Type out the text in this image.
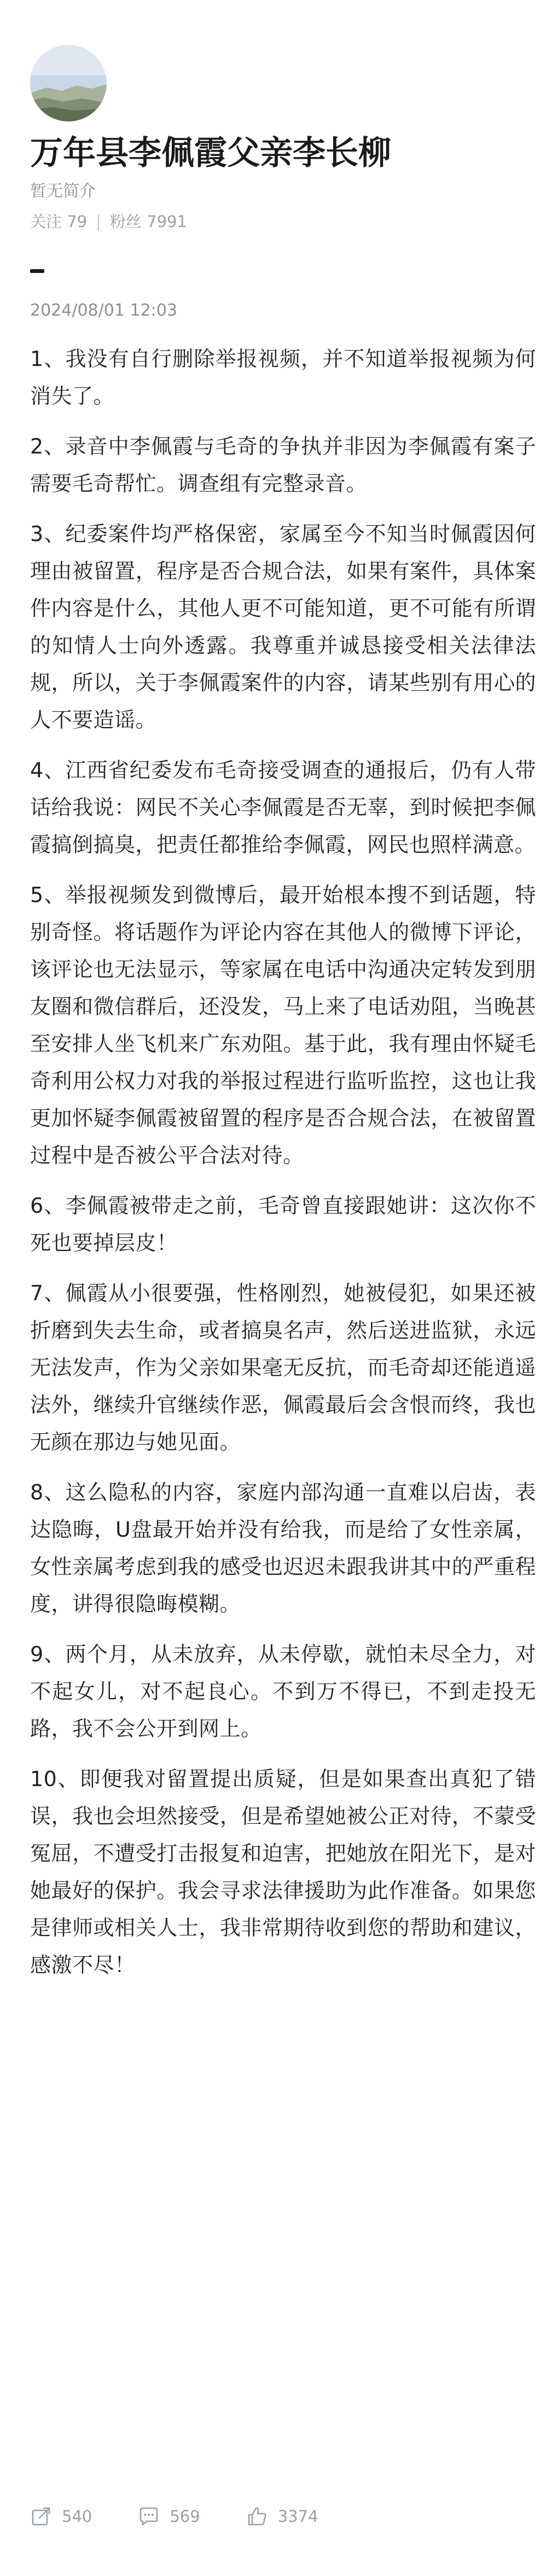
万年县李佩霞父亲李长柳
暂无简介
关注 79 | 粉丝 7991
2024/08/01 12:03

1、我没有自行删除举报视频，并不知道举报视频为何消失了。

2、录音中李佩霞与毛奇的争执并非因为李佩霞有案子需要毛奇帮忙。调查组有完整录音。

3、纪委案件均严格保密，家属至今不知当时佩霞因何理由被留置，程序是否合规合法，如果有案件，具体案件内容是什么，其他人更不可能知道，更不可能有所谓的知情人士向外透露。我尊重并诚恳接受相关法律法规，所以，关于李佩霞案件的内容，请某些别有用心的人不要造谣。

4、江西省纪委发布毛奇接受调查的通报后，仍有人带话给我说：网民不关心李佩霞是否无辜，到时候把李佩霞搞倒搞臭，把责任都推给李佩霞，网民也照样满意。

5、举报视频发到微博后，最开始根本搜不到话题，特别奇怪。将话题作为评论内容在其他人的微博下评论，该评论也无法显示，等家属在电话中沟通决定转发到朋友圈和微信群后，还没发，马上来了电话劝阻，当晚甚至安排人坐飞机来广东劝阻。基于此，我有理由怀疑毛奇利用公权力对我的举报过程进行监听监控，这也让我更加怀疑李佩霞被留置的程序是否合规合法，在被留置过程中是否被公平合法对待。

6、李佩霞被带走之前，毛奇曾直接跟她讲：这次你不死也要掉层皮！

7、佩霞从小很要强，性格刚烈，她被侵犯，如果还被折磨到失去生命，或者搞臭名声，然后送进监狱，永远无法发声，作为父亲如果毫无反抗，而毛奇却还能逍遥法外，继续升官继续作恶，佩霞最后会含恨而终，我也无颜在那边与她见面。

8、这么隐私的内容，家庭内部沟通一直难以启齿，表达隐晦，U盘最开始并没有给我，而是给了女性亲属，女性亲属考虑到我的感受也迟迟未跟我讲其中的严重程度，讲得很隐晦模糊。

9、两个月，从未放弃，从未停歇，就怕未尽全力，对不起女儿，对不起良心。不到万不得已，不到走投无路，我不会公开到网上。

10、即便我对留置提出质疑，但是如果查出真犯了错误，我也会坦然接受，但是希望她被公正对待，不蒙受冤屈，不遭受打击报复和迫害，把她放在阳光下，是对她最好的保护。我会寻求法律援助为此作准备。如果您是律师或相关人士，我非常期待收到您的帮助和建议，感激不尽！

540	569	3374
